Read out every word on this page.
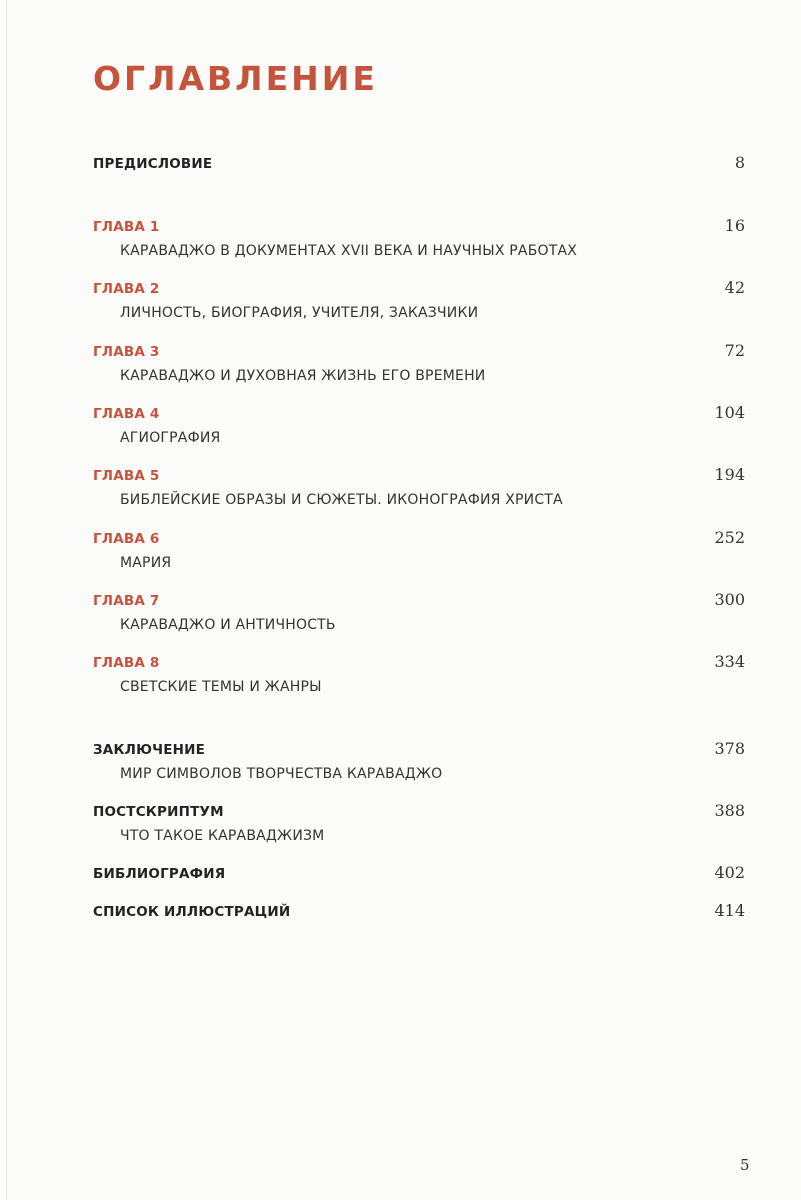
ОГЛАВЛЕНИЕ
ПРЕДИСЛОВИЕ	8
ГЛАВА 1	16
КАРАВАДЖО В ДОКУМЕНТАХ XVII ВЕКА И НАУЧНЫХ РАБОТАХ
ГЛАВА 2	42
ЛИЧНОСТЬ, БИОГРАФИЯ, УЧИТЕЛЯ, ЗАКАЗЧИКИ
ГЛАВА 3	72
КАРАВАДЖО И ДУХОВНАЯ ЖИЗНЬ ЕГО ВРЕМЕНИ
ГЛАВА 4	104
АГИОГРАФИЯ
ГЛАВА 5	194
БИБЛЕЙСКИЕ ОБРАЗЫ И СЮЖЕТЫ. ИКОНОГРАФИЯ ХРИСТА
ГЛАВА 6	252
МАРИЯ
ГЛАВА 7	300
КАРАВАДЖО И АНТИЧНОСТЬ
ГЛАВА 8	334
СВЕТСКИЕ ТЕМЫ И ЖАНРЫ
ЗАКЛЮЧЕНИЕ	378
МИР СИМВОЛОВ ТВОРЧЕСТВА КАРАВАДЖО
ПОСТСКРИПТУМ	388
ЧТО ТАКОЕ КАРАВАДЖИЗМ
БИБЛИОГРАФИЯ	402
СПИСОК ИЛЛЮСТРАЦИЙ	414
5
